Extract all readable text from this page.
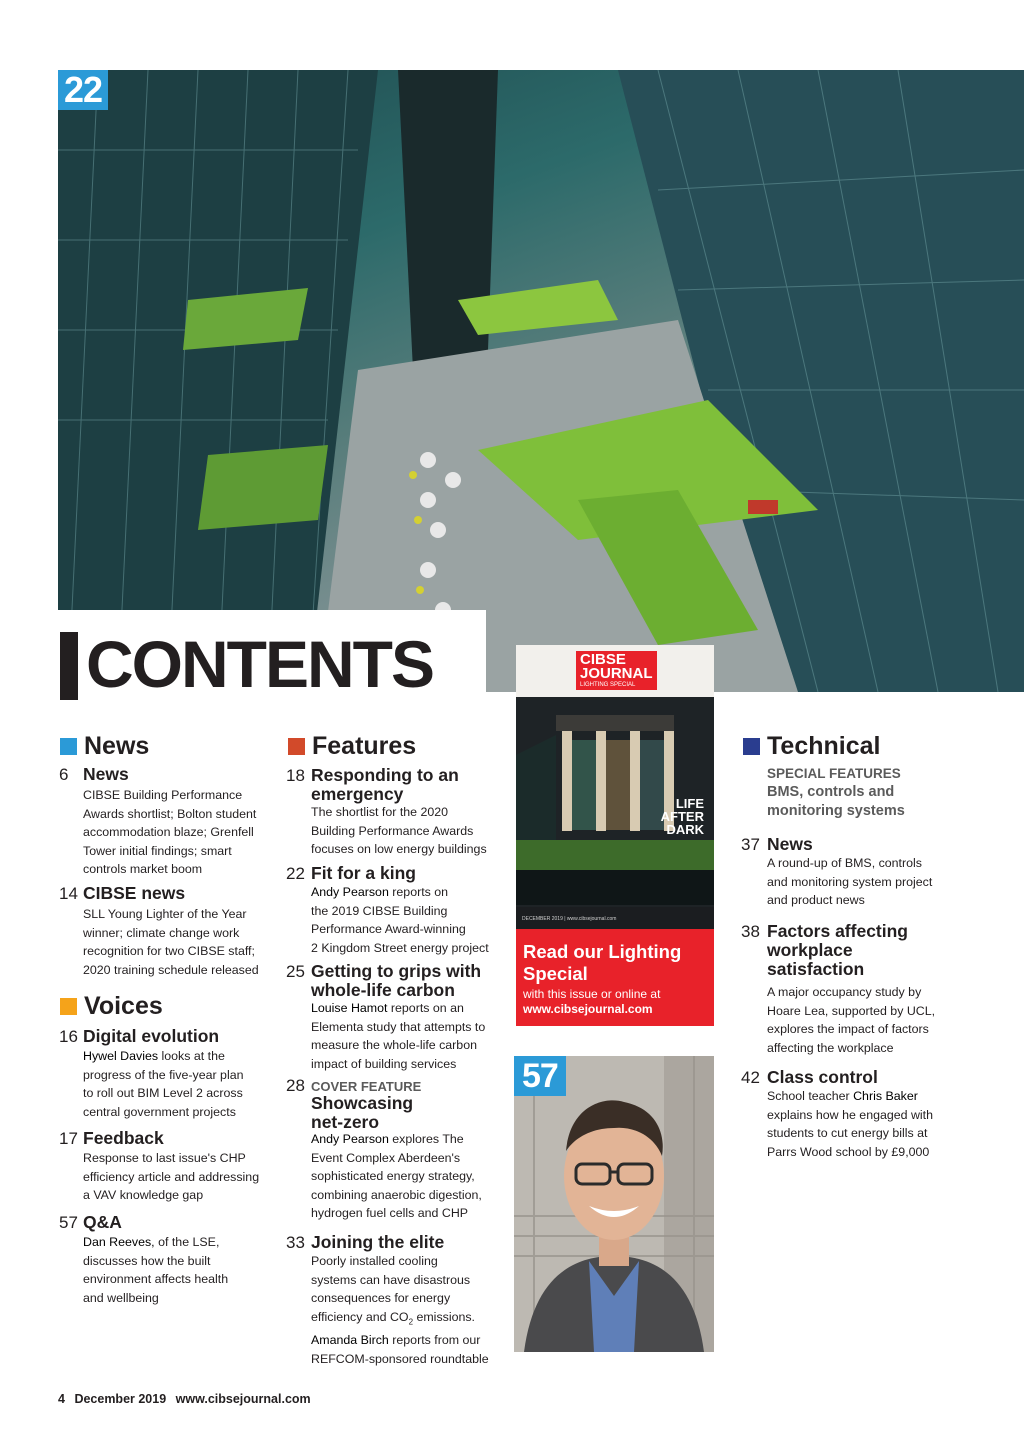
22
CONTENTS
News
6 News
CIBSE Building Performance
Awards shortlist; Bolton student
accommodation blaze; Grenfell
Tower initial findings; smart
controls market boom
14 CIBSE news
SLL Young Lighter of the Year
winner; climate change work
recognition for two CIBSE staff;
2020 training schedule released
Voices
16 Digital evolution
Hywel Davies looks at the
progress of the five-year plan
to roll out BIM Level 2 across
central government projects
17 Feedback
Response to last issue's CHP
efficiency article and addressing
a VAV knowledge gap
57 Q&A
Dan Reeves, of the LSE,
discusses how the built
environment affects health
and wellbeing
Features
18 Responding to an
emergency
The shortlist for the 2020
Building Performance Awards
focuses on low energy buildings
22 Fit for a king
Andy Pearson reports on
the 2019 CIBSE Building
Performance Award-winning
2 Kingdom Street energy project
25 Getting to grips with
whole-life carbon
Louise Hamot reports on an
Elementa study that attempts to
measure the whole-life carbon
impact of building services
28 COVER FEATURE
Showcasing
net-zero
Andy Pearson explores The
Event Complex Aberdeen's
sophisticated energy strategy,
combining anaerobic digestion,
hydrogen fuel cells and CHP
33 Joining the elite
Poorly installed cooling
systems can have disastrous
consequences for energy
efficiency and $CO_2$ emissions.
Amanda Birch reports from our
REFCOM-sponsored roundtable
CIBSE
JOURNAL
LIGHTING SPECIAL
LIFE
AFTER
DARK
DECEMBER 2019 | www.cibsejournal.com
Read our Lighting
Special
with this issue or online at
www.cibsejournal.com
57
Technical
SPECIAL FEATURES
BMS, controls and
monitoring systems
37 News
A round-up of BMS, controls
and monitoring system project
and product news
38 Factors affecting
workplace
satisfaction
A major occupancy study by
Hoare Lea, supported by UCL,
explores the impact of factors
affecting the workplace
42 Class control
School teacher Chris Baker
explains how he engaged with
students to cut energy bills at
Parrs Wood school by £9,000
4 December 2019 www.cibsejournal.com
